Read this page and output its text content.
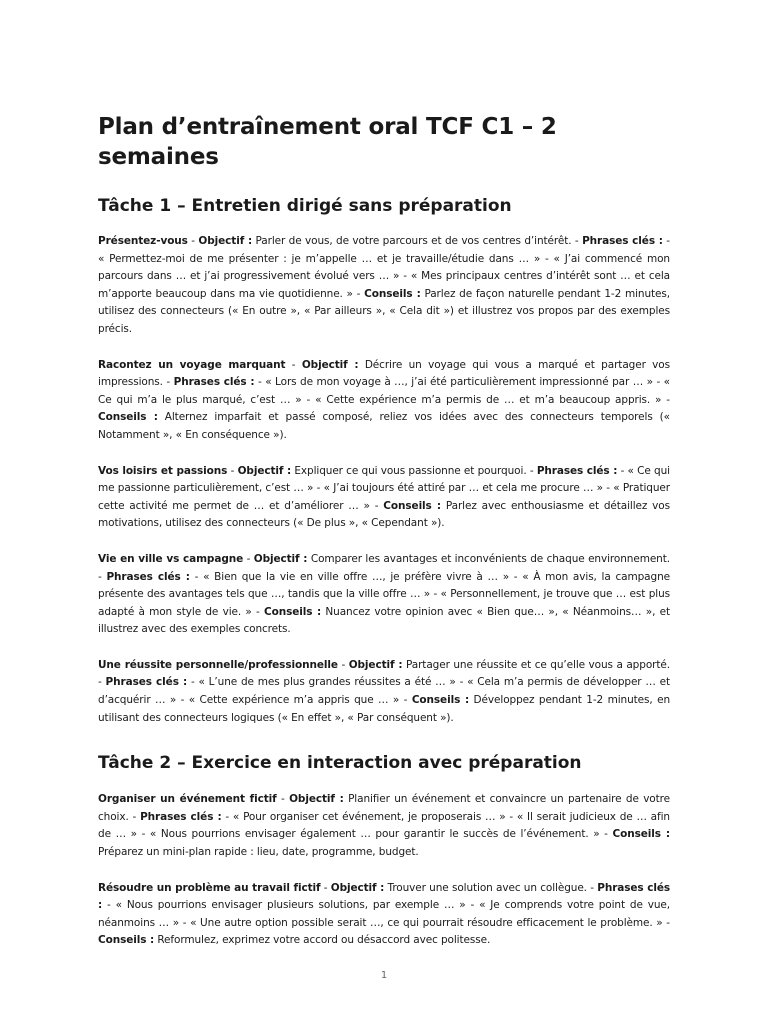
Plan d’entraînement oral TCF C1 – 2 semaines
Tâche 1 – Entretien dirigé sans préparation

Présentez-vous - Objectif : Parler de vous, de votre parcours et de vos centres d’intérêt. - Phrases clés : - « Permettez-moi de me présenter : je m’appelle … et je travaille/étudie dans … » - « J’ai commencé mon parcours dans … et j’ai progressivement évolué vers … » - « Mes principaux centres d’intérêt sont … et cela m’apporte beaucoup dans ma vie quotidienne. » - Conseils : Parlez de façon naturelle pendant 1-2 minutes, utilisez des connecteurs (« En outre », « Par ailleurs », « Cela dit ») et illustrez vos propos par des exemples précis.

Racontez un voyage marquant - Objectif : Décrire un voyage qui vous a marqué et partager vos impressions. - Phrases clés : - « Lors de mon voyage à …, j’ai été particulièrement impressionné par … » - « Ce qui m’a le plus marqué, c’est … » - « Cette expérience m’a permis de … et m’a beaucoup appris. » - Conseils : Alternez imparfait et passé composé, reliez vos idées avec des connecteurs temporels (« Notamment », « En conséquence »).

Vos loisirs et passions - Objectif : Expliquer ce qui vous passionne et pourquoi. - Phrases clés : - « Ce qui me passionne particulièrement, c’est … » - « J’ai toujours été attiré par … et cela me procure … » - « Pratiquer cette activité me permet de … et d’améliorer … » - Conseils : Parlez avec enthousiasme et détaillez vos motivations, utilisez des connecteurs (« De plus », « Cependant »).

Vie en ville vs campagne - Objectif : Comparer les avantages et inconvénients de chaque environnement. - Phrases clés : - « Bien que la vie en ville offre …, je préfère vivre à … » - « À mon avis, la campagne présente des avantages tels que …, tandis que la ville offre … » - « Personnellement, je trouve que … est plus adapté à mon style de vie. » - Conseils : Nuancez votre opinion avec « Bien que… », « Néanmoins… », et illustrez avec des exemples concrets.

Une réussite personnelle/professionnelle - Objectif : Partager une réussite et ce qu’elle vous a apporté. - Phrases clés : - « L’une de mes plus grandes réussites a été … » - « Cela m’a permis de développer … et d’acquérir … » - « Cette expérience m’a appris que … » - Conseils : Développez pendant 1-2 minutes, en utilisant des connecteurs logiques (« En effet », « Par conséquent »).

Tâche 2 – Exercice en interaction avec préparation

Organiser un événement fictif - Objectif : Planifier un événement et convaincre un partenaire de votre choix. - Phrases clés : - « Pour organiser cet événement, je proposerais … » - « Il serait judicieux de … afin de … » - « Nous pourrions envisager également … pour garantir le succès de l’événement. » - Conseils : Préparez un mini-plan rapide : lieu, date, programme, budget.

Résoudre un problème au travail fictif - Objectif : Trouver une solution avec un collègue. - Phrases clés : - « Nous pourrions envisager plusieurs solutions, par exemple … » - « Je comprends votre point de vue, néanmoins … » - « Une autre option possible serait …, ce qui pourrait résoudre efficacement le problème. » - Conseils : Reformulez, exprimez votre accord ou désaccord avec politesse.

1
